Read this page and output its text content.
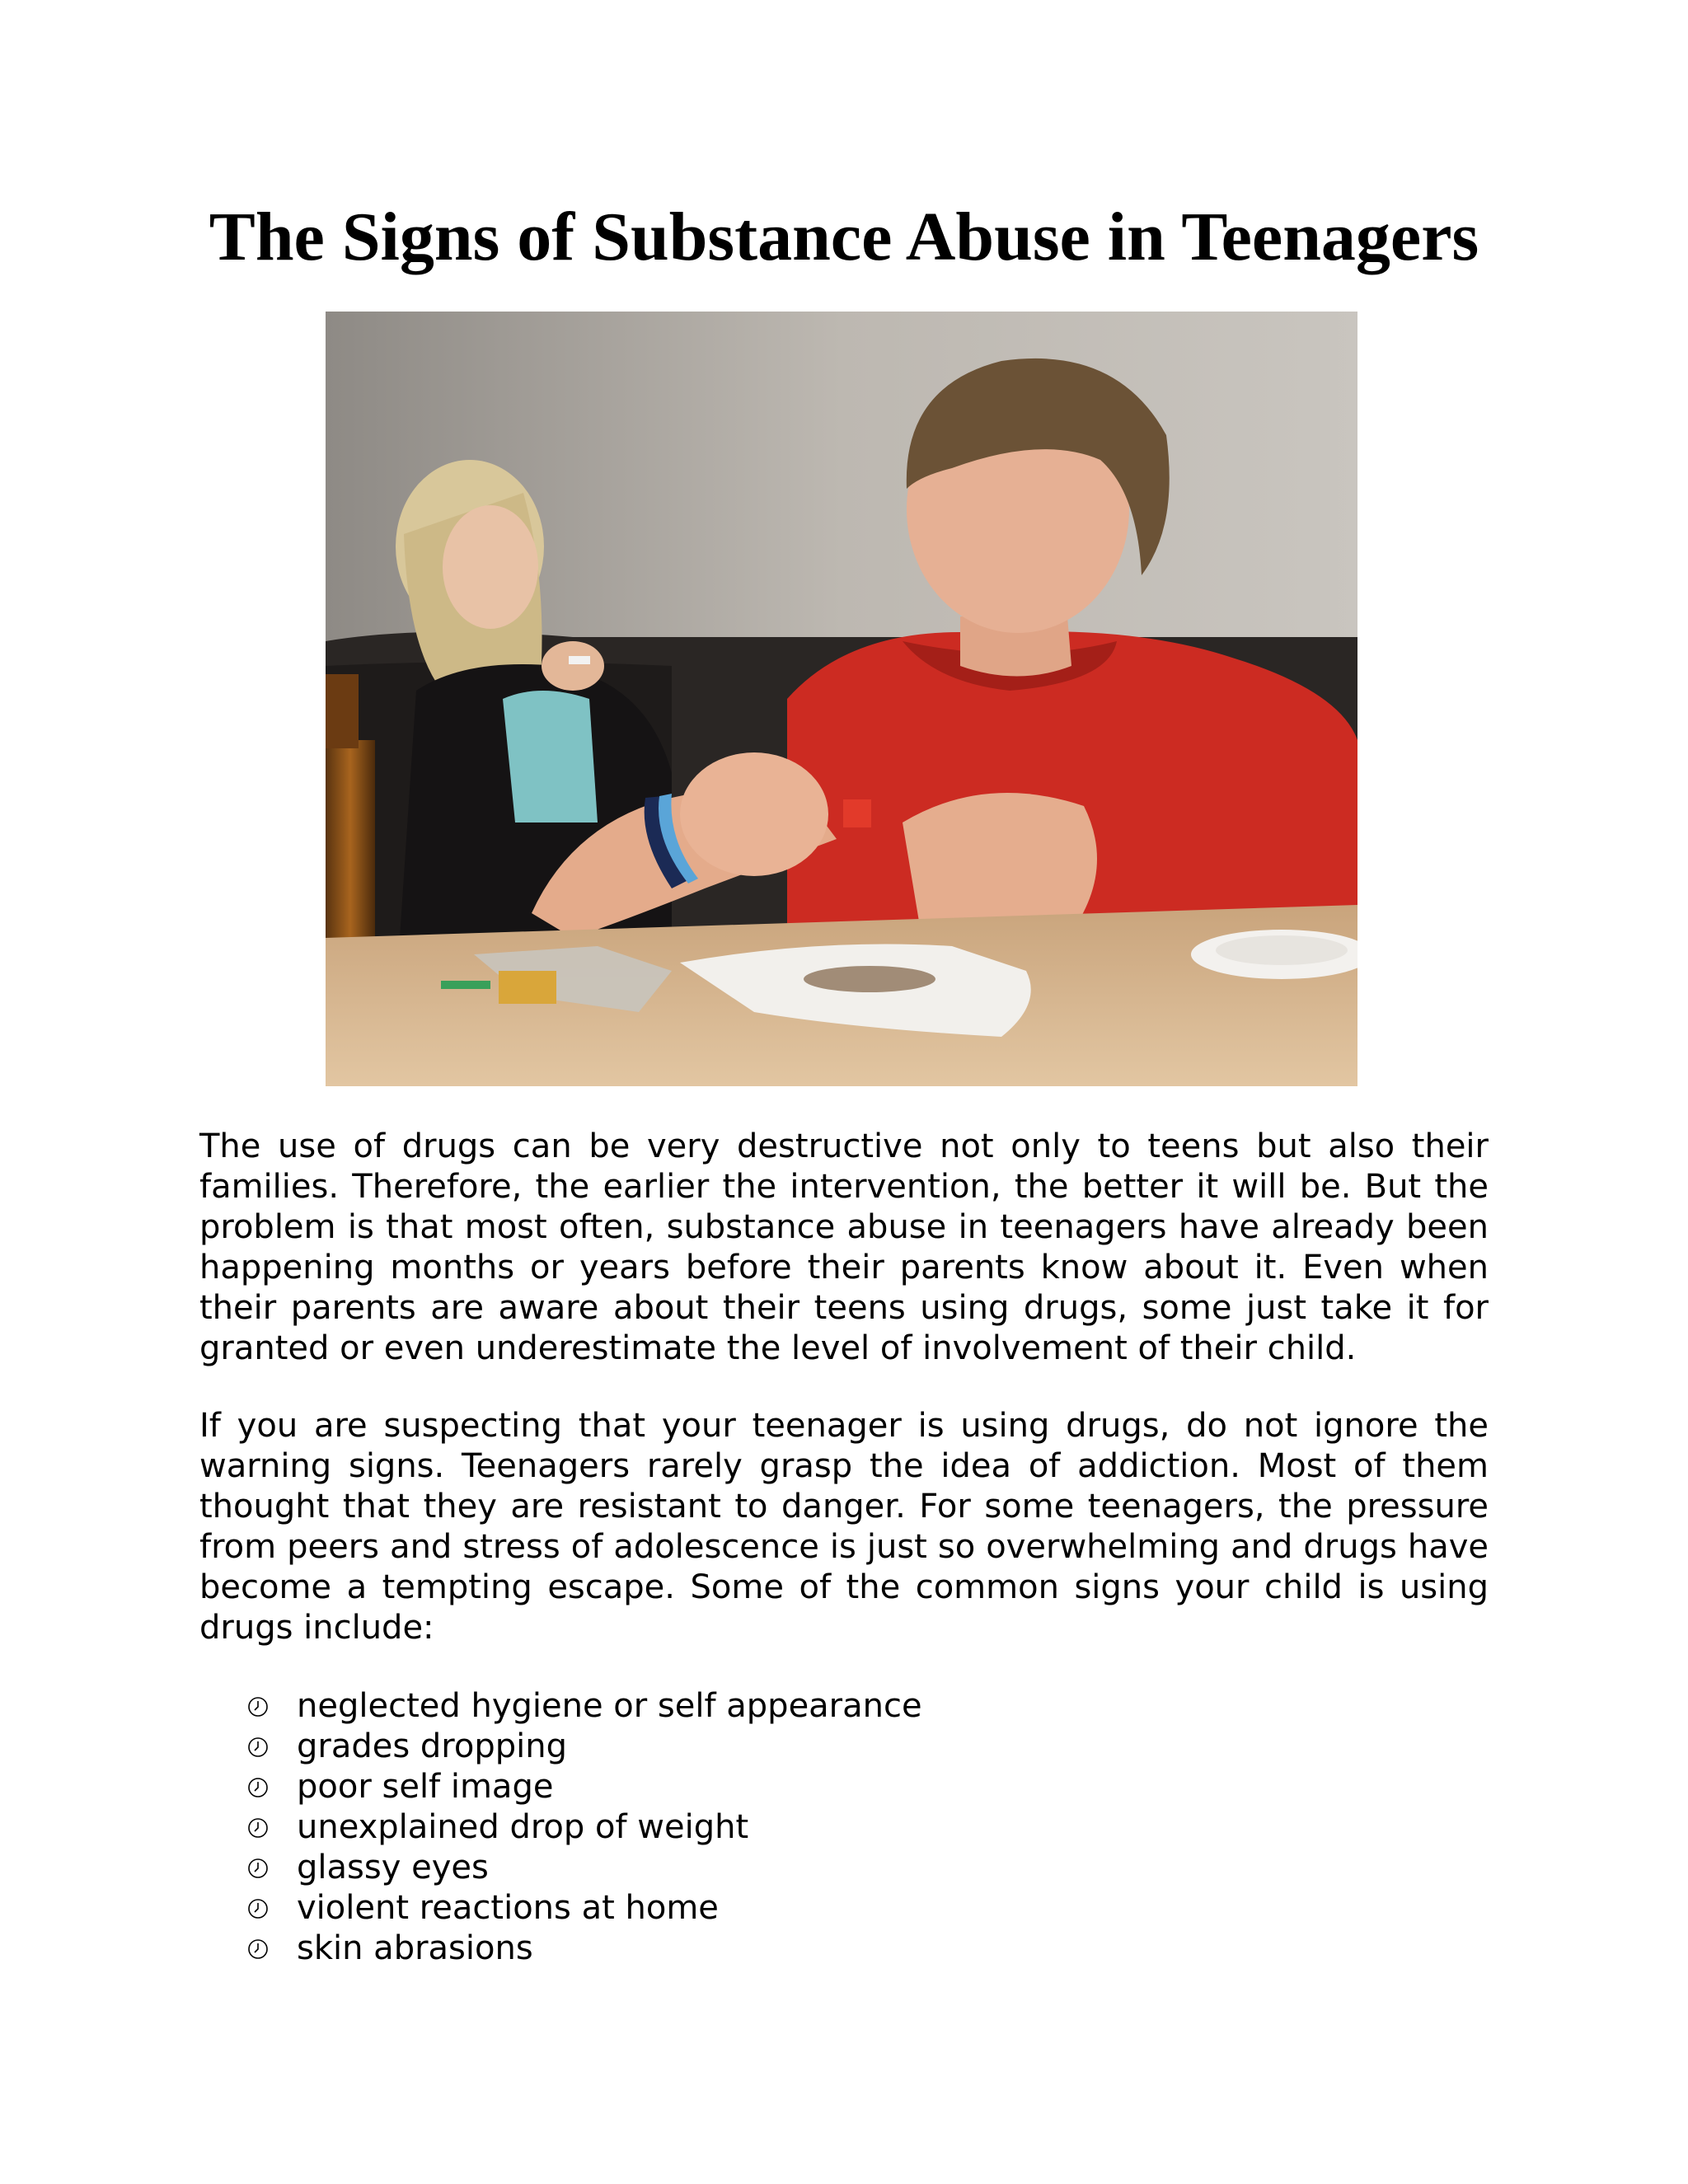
The Signs of Substance Abuse in Teenagers

The use of drugs can be very destructive not only to teens but also their families. Therefore, the earlier the intervention, the better it will be. But the problem is that most often, substance abuse in teenagers have already been happening months or years before their parents know about it. Even when their parents are aware about their teens using drugs, some just take it for granted or even underestimate the level of involvement of their child.

If you are suspecting that your teenager is using drugs, do not ignore the warning signs. Teenagers rarely grasp the idea of addiction. Most of them thought that they are resistant to danger. For some teenagers, the pressure from peers and stress of adolescence is just so overwhelming and drugs have become a tempting escape. Some of the common signs your child is using drugs include:

neglected hygiene or self appearance
grades dropping
poor self image
unexplained drop of weight
glassy eyes
violent reactions at home
skin abrasions
